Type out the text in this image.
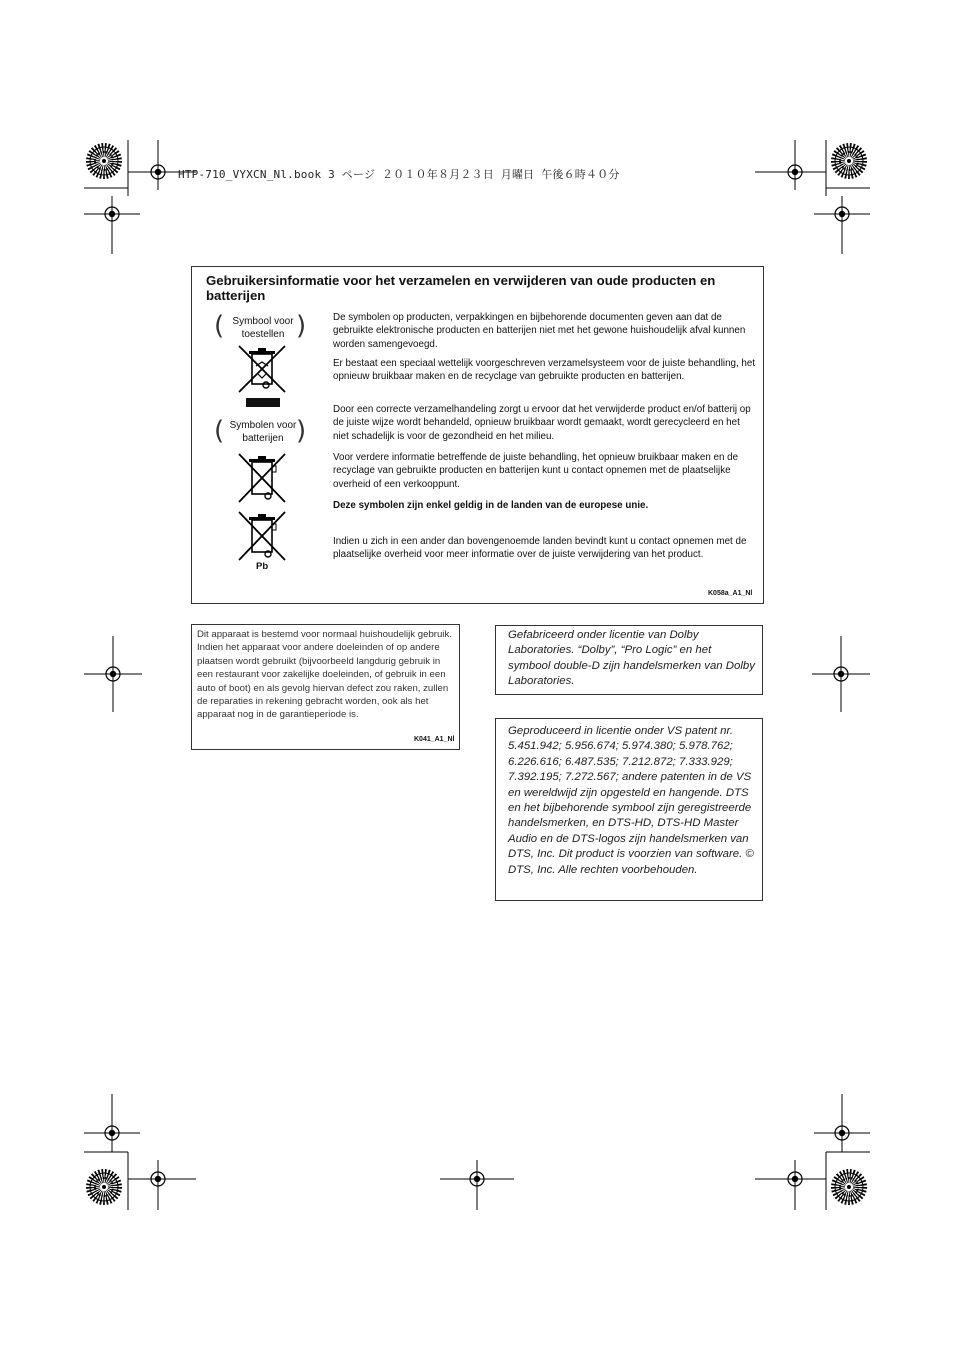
HTP-710_VYXCN_Nl.book 3 ページ ２０１０年８月２３日 月曜日 午後６時４０分
Gebruikersinformatie voor het verzamelen en verwijderen van oude producten en batterijen
( Symbool voor toestellen )
( Symbolen voor batterijen )
Pb
De symbolen op producten, verpakkingen en bijbehorende documenten geven aan dat de gebruikte elektronische producten en batterijen niet met het gewone huishoudelijk afval kunnen worden samengevoegd.
Er bestaat een speciaal wettelijk voorgeschreven verzamelsysteem voor de juiste behandling, het opnieuw bruikbaar maken en de recyclage van gebruikte producten en batterijen.
Door een correcte verzamelhandeling zorgt u ervoor dat het verwijderde product en/of batterij op de juiste wijze wordt behandeld, opnieuw bruikbaar wordt gemaakt, wordt gerecycleerd en het niet schadelijk is voor de gezondheid en het milieu.
Voor verdere informatie betreffende de juiste behandling, het opnieuw bruikbaar maken en de recyclage van gebruikte producten en batterijen kunt u contact opnemen met de plaatselijke overheid of een verkooppunt.
Deze symbolen zijn enkel geldig in de landen van de europese unie.
Indien u zich in een ander dan bovengenoemde landen bevindt kunt u contact opnemen met de plaatselijke overheid voor meer informatie over de juiste verwijdering van het product.
K058a_A1_Nl
Dit apparaat is bestemd voor normaal huishoudelijk gebruik. Indien het apparaat voor andere doeleinden of op andere plaatsen wordt gebruikt (bijvoorbeeld langdurig gebruik in een restaurant voor zakelijke doeleinden, of gebruik in een auto of boot) en als gevolg hiervan defect zou raken, zullen de reparaties in rekening gebracht worden, ook als het apparaat nog in de garantieperiode is.
K041_A1_Nl
Gefabriceerd onder licentie van Dolby Laboratories. “Dolby”, “Pro Logic” en het symbool double-D zijn handelsmerken van Dolby Laboratories.
Geproduceerd in licentie onder VS patent nr. 5.451.942; 5.956.674; 5.974.380; 5.978.762; 6.226.616; 6.487.535; 7.212.872; 7.333.929; 7.392.195; 7.272.567; andere patenten in de VS en wereldwijd zijn opgesteld en hangende. DTS en het bijbehorende symbool zijn geregistreerde handelsmerken, en DTS-HD, DTS-HD Master Audio en de DTS-logos zijn handelsmerken van DTS, Inc. Dit product is voorzien van software. © DTS, Inc. Alle rechten voorbehouden.
